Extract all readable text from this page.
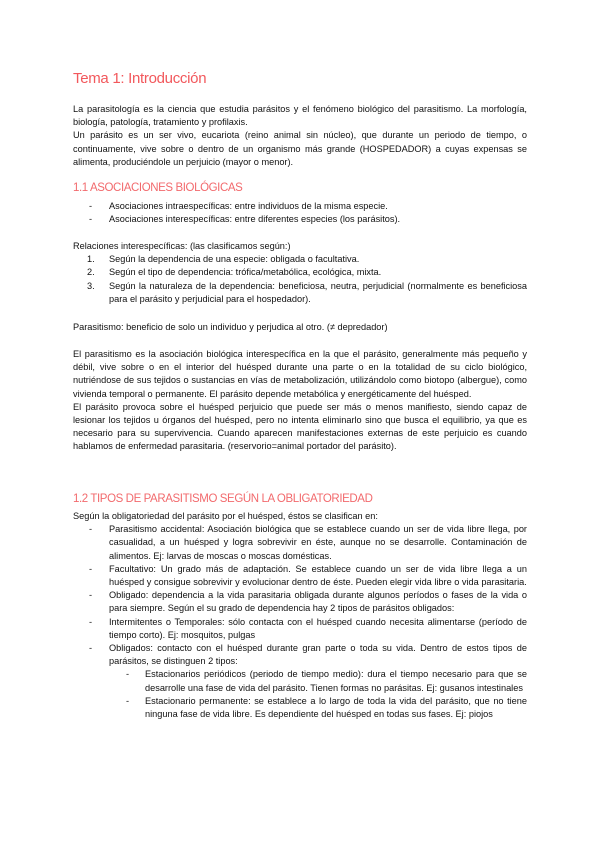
Tema 1: Introducción

La parasitología es la ciencia que estudia parásitos y el fenómeno biológico del parasitismo. La morfología, biología, patología, tratamiento y profilaxis.

Un parásito es un ser vivo, eucariota (reino animal sin núcleo), que durante un periodo de tiempo, o continuamente, vive sobre o dentro de un organismo más grande (HOSPEDADOR) a cuyas expensas se alimenta, produciéndole un perjuicio (mayor o menor).

1.1 ASOCIACIONES BIOLÓGICAS
-	Asociaciones intraespecíficas: entre individuos de la misma especie.
-	Asociaciones interespecíficas: entre diferentes especies (los parásitos).

Relaciones interespecíficas: (las clasificamos según:)

1.	Según la dependencia de una especie: obligada o facultativa.
2.	Según el tipo de dependencia: trófica/metabólica, ecológica, mixta.
3.	Según la naturaleza de la dependencia: beneficiosa, neutra, perjudicial (normalmente es beneficiosa para el parásito y perjudicial para el hospedador).
Parasitismo: beneficio de solo un individuo y perjudica al otro. (≠ depredador)

El parasitismo es la asociación biológica interespecífica en la que el parásito, generalmente más pequeño y débil, vive sobre o en el interior del huésped durante una parte o en la totalidad de su ciclo biológico, nutriéndose de sus tejidos o sustancias en vías de metabolización, utilizándolo como biotopo (albergue), como vivienda temporal o permanente. El parásito depende metabólica y energéticamente del huésped.

El parásito provoca sobre el huésped perjuicio que puede ser más o menos manifiesto, siendo capaz de lesionar los tejidos u órganos del huésped, pero no intenta eliminarlo sino que busca el equilibrio, ya que es necesario para su supervivencia. Cuando aparecen manifestaciones externas de este perjuicio es cuando hablamos de enfermedad parasitaria. (reservorio=animal portador del parásito).

1.2 TIPOS DE PARASITISMO SEGÚN LA OBLIGATORIEDAD

Según la obligatoriedad del parásito por el huésped, éstos se clasifican en:

-	Parasitismo accidental: Asociación biológica que se establece cuando un ser de vida libre llega, por casualidad, a un huésped y logra sobrevivir en éste, aunque no se desarrolle. Contaminación de alimentos. Ej: larvas de moscas o moscas domésticas.
-	Facultativo: Un grado más de adaptación. Se establece cuando un ser de vida libre llega a un huésped y consigue sobrevivir y evolucionar dentro de éste. Pueden elegir vida libre o vida parasitaria.
-	Obligado: dependencia a la vida parasitaria obligada durante algunos períodos o fases de la vida o para siempre. Según el su grado de dependencia hay 2 tipos de parásitos obligados:
-	Intermitentes o Temporales: sólo contacta con el huésped cuando necesita alimentarse (período de tiempo corto). Ej: mosquitos, pulgas
-	Obligados: contacto con el huésped durante gran parte o toda su vida. Dentro de estos tipos de parásitos, se distinguen 2 tipos:
-	Estacionarios periódicos (periodo de tiempo medio): dura el tiempo necesario para que se desarrolle una fase de vida del parásito. Tienen formas no parásitas. Ej: gusanos intestinales
-	Estacionario permanente: se establece a lo largo de toda la vida del parásito, que no tiene ninguna fase de vida libre. Es dependiente del huésped en todas sus fases. Ej: piojos
